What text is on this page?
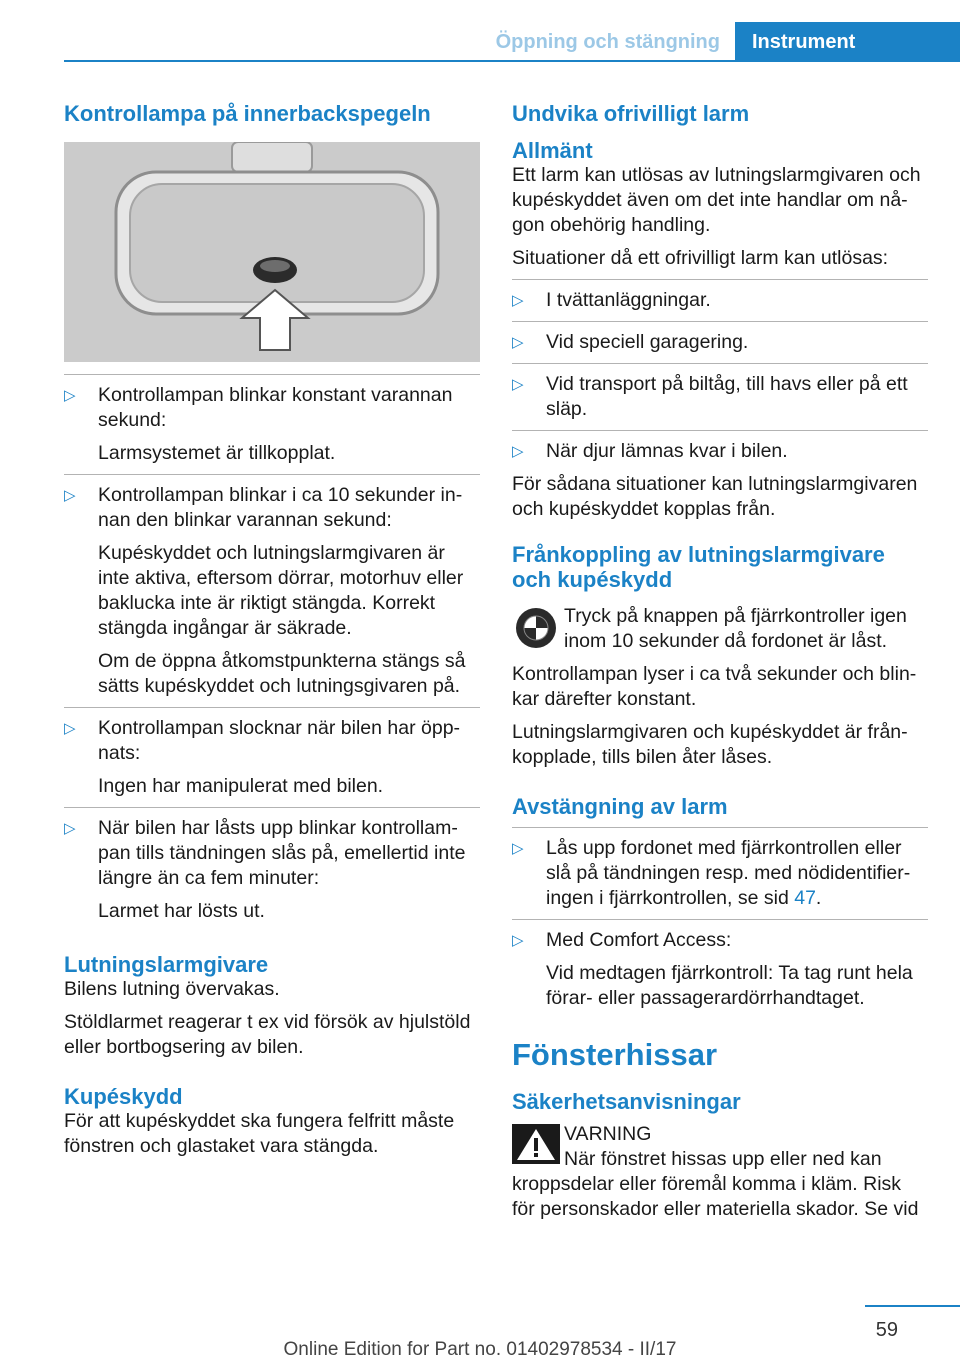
Öppning och stängning	Instrument
Kontrollampa på innerbackspegeln
▷ Kontrollampan blinkar konstant varannan sekund:

Larmsystemet är tillkopplat.

▷ Kontrollampan blinkar i ca 10 sekunder in‐nan den blinkar varannan sekund:

Kupéskyddet och lutningslarmgivaren är inte aktiva, eftersom dörrar, motorhuv eller baklucka inte är riktigt stängda. Korrekt stängda ingångar är säkrade.

Om de öppna åtkomstpunkterna stängs så sätts kupéskyddet och lutningsgivaren på.

▷ Kontrollampan slocknar när bilen har öpp‐nats:

Ingen har manipulerat med bilen.

▷ När bilen har låsts upp blinkar kontrollam‐pan tills tändningen slås på, emellertid inte längre än ca fem minuter:

Larmet har lösts ut.

Lutningslarmgivare

Bilens lutning övervakas.

Stöldlarmet reagerar t ex vid försök av hjulstöld eller bortbogsering av bilen.

Kupéskydd

För att kupéskyddet ska fungera felfritt måste fönstren och glastaket vara stängda.

Undvika ofrivilligt larm
Allmänt

Ett larm kan utlösas av lutningslarmgivaren och kupéskyddet även om det inte handlar om nå‐gon obehörig handling.

Situationer då ett ofrivilligt larm kan utlösas:

▷ I tvättanläggningar.

▷ Vid speciell garagering.

▷ Vid transport på biltåg, till havs eller på ett släp.

▷ När djur lämnas kvar i bilen.

För sådana situationer kan lutningslarmgivaren och kupéskyddet kopplas från.

Frånkoppling av lutningslarmgivare och kupéskydd
Tryck på knappen på fjärrkontroller igen inom 10 sekunder då fordonet är låst.

Kontrollampan lyser i ca två sekunder och blin‐kar därefter konstant.

Lutningslarmgivaren och kupéskyddet är från‐kopplade, tills bilen åter låses.

Avstängning av larm
▷ Lås upp fordonet med fjärrkontrollen eller slå på tändningen resp. med nödidentifier‐ingen i fjärrkontrollen, se sid 47.

▷ Med Comfort Access:

Vid medtagen fjärrkontroll: Ta tag runt hela förar- eller passagerardörrhandtaget.

Fönsterhissar
Säkerhetsanvisningar
VARNING
När fönstret hissas upp eller ned kan

kroppsdelar eller föremål komma i kläm. Risk för personskador eller materiella skador. Se vid

59
Online Edition for Part no. 01402978534 - II/17
